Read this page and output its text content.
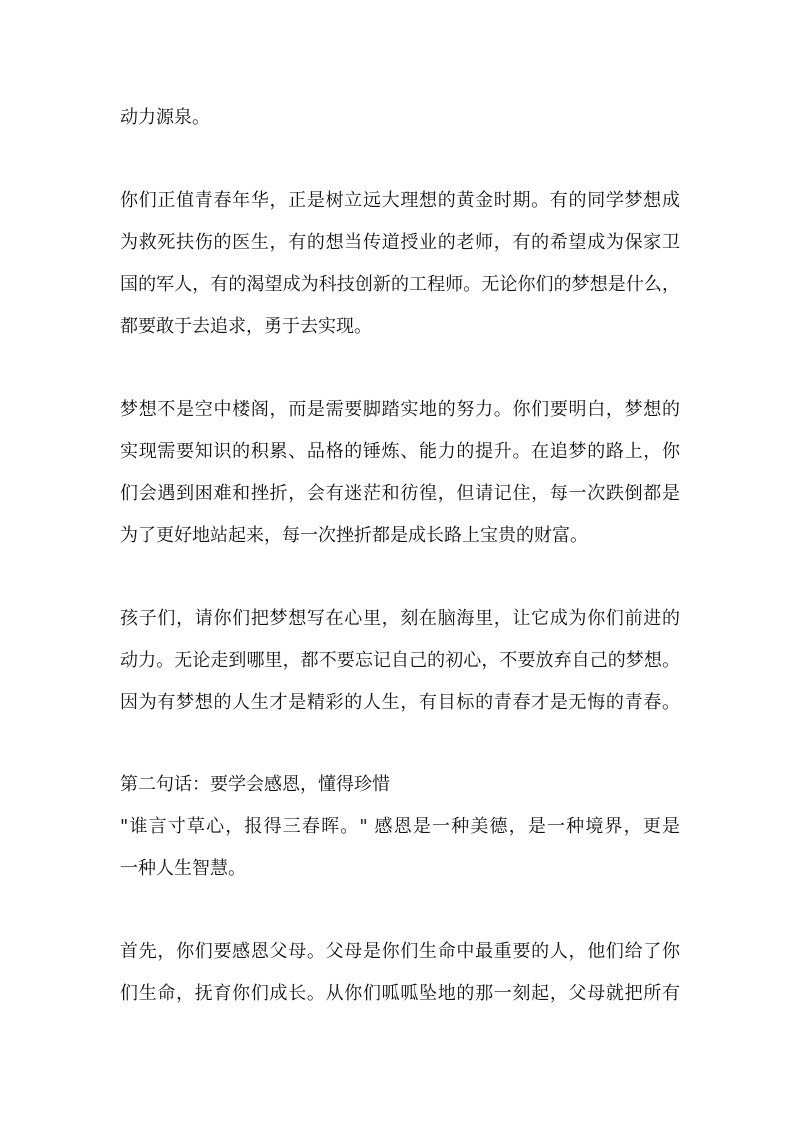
动力源泉。

你们正值青春年华，正是树立远大理想的黄金时期。有的同学梦想成

为救死扶伤的医生，有的想当传道授业的老师，有的希望成为保家卫

国的军人，有的渴望成为科技创新的工程师。无论你们的梦想是什么，

都要敢于去追求，勇于去实现。

梦想不是空中楼阁，而是需要脚踏实地的努力。你们要明白，梦想的

实现需要知识的积累、品格的锤炼、能力的提升。在追梦的路上，你

们会遇到困难和挫折，会有迷茫和彷徨，但请记住，每一次跌倒都是

为了更好地站起来，每一次挫折都是成长路上宝贵的财富。

孩子们，请你们把梦想写在心里，刻在脑海里，让它成为你们前进的

动力。无论走到哪里，都不要忘记自己的初心，不要放弃自己的梦想。

因为有梦想的人生才是精彩的人生，有目标的青春才是无悔的青春。

第二句话：要学会感恩，懂得珍惜

"谁言寸草心，报得三春晖。" 感恩是一种美德，是一种境界，更是

一种人生智慧。

首先，你们要感恩父母。父母是你们生命中最重要的人，他们给了你

们生命，抚育你们成长。从你们呱呱坠地的那一刻起，父母就把所有
